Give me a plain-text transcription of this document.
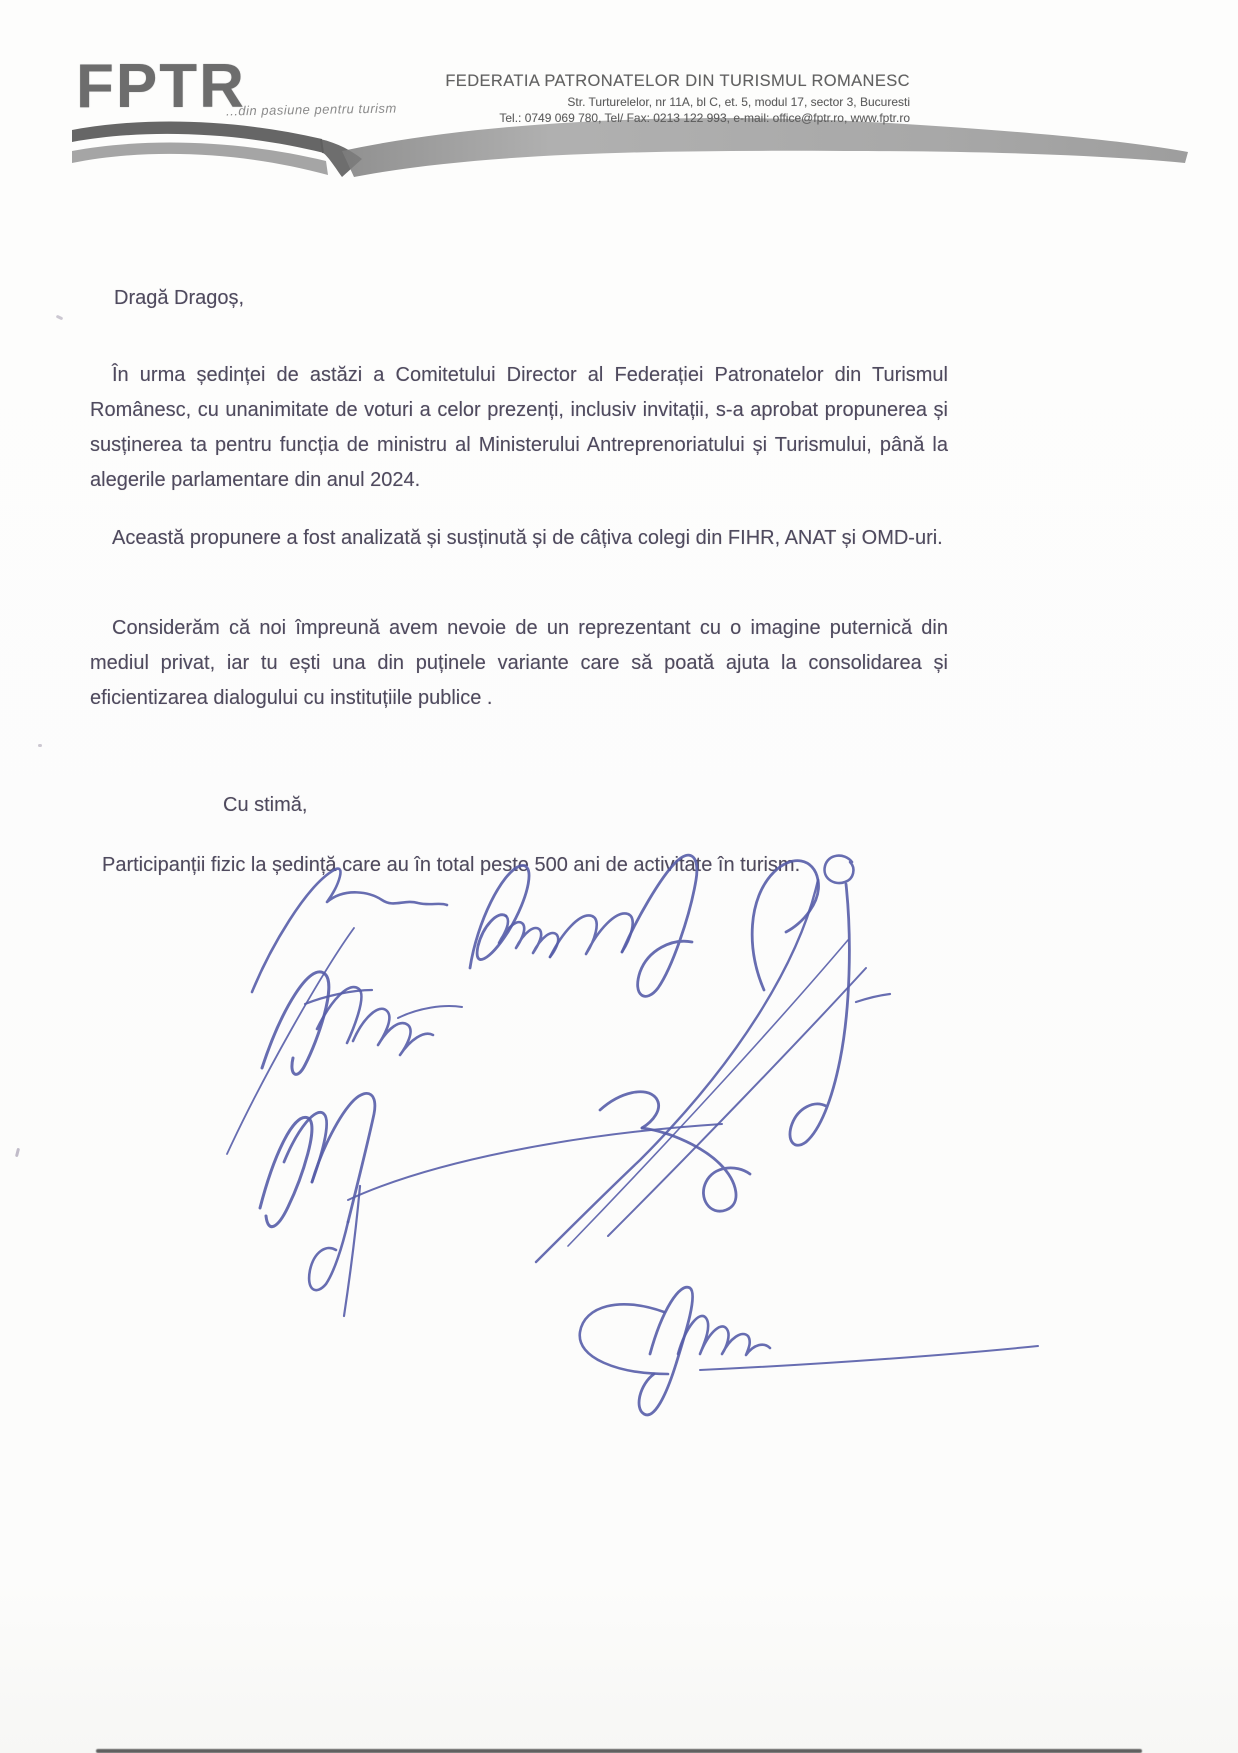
FPTR
...din pasiune pentru turism
FEDERATIA PATRONATELOR DIN TURISMUL ROMANESC
Str. Turturelelor, nr 11A, bl C, et. 5, modul 17, sector 3, Bucuresti
Tel.: 0749 069 780, Tel/ Fax: 0213 122 993, e-mail: office@fptr.ro, www.fptr.ro
Dragă Dragoș,
În urma ședinței de astăzi a Comitetului Director al Federației Patronatelor din Turismul Românesc, cu unanimitate de voturi a celor prezenți, inclusiv invitații, s-a aprobat propunerea și susținerea ta pentru funcția de ministru al Ministerului Antreprenoriatului și Turismului, până la alegerile parlamentare din anul 2024.
Această propunere a fost analizată și susținută și de câțiva colegi din FIHR, ANAT și OMD-uri.
Considerăm că noi împreună avem nevoie de un reprezentant cu o imagine puternică din mediul privat, iar tu ești una din puținele variante care să poată ajuta la consolidarea și eficientizarea dialogului cu instituțiile publice .
Cu stimă,
Participanții fizic la ședință care au în total peste 500 ani de activitate în turism.
